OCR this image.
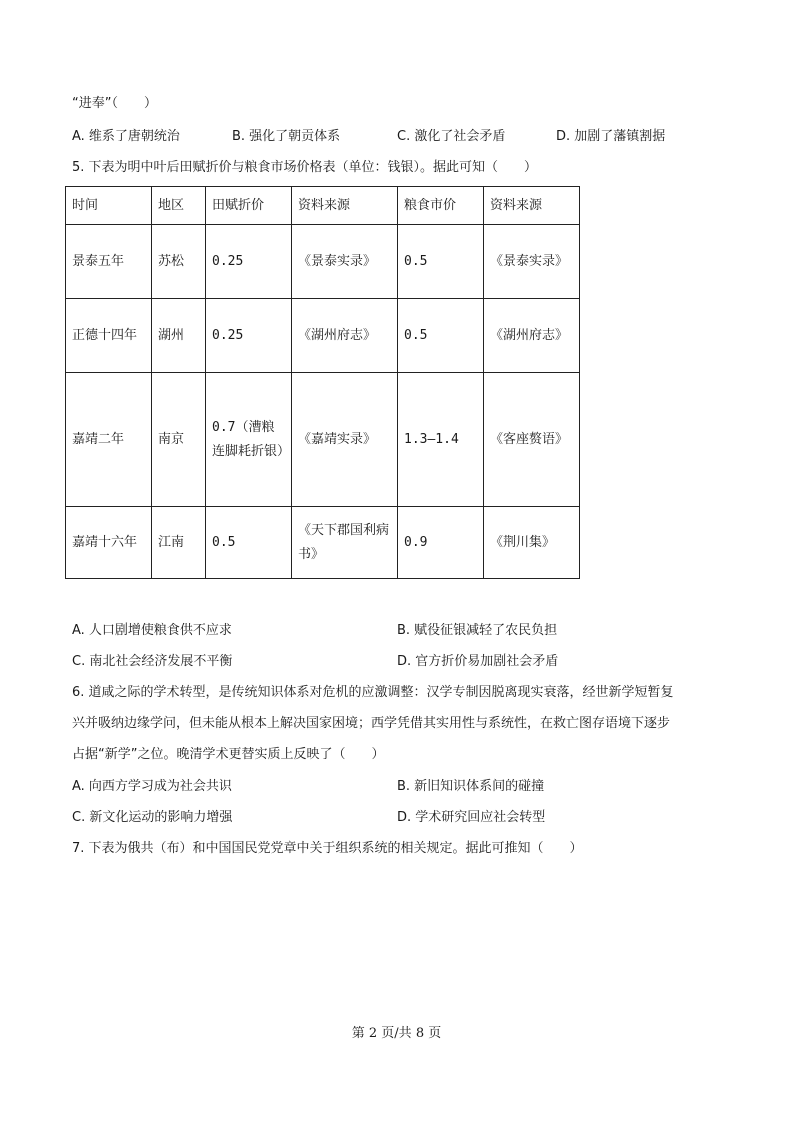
“进奉”（　　）
A. 维系了唐朝统治	B. 强化了朝贡体系	C. 激化了社会矛盾	D. 加剧了藩镇割据
5. 下表为明中叶后田赋折价与粮食市场价格表（单位：钱银）。据此可知（　　）
时间	地区	田赋折价	资料来源	粮食市价	资料来源
景泰五年	苏松	0.25	《景泰实录》	0.5	《景泰实录》
正德十四年	湖州	0.25	《湖州府志》	0.5	《湖州府志》
嘉靖二年	南京	0.7（漕粮连脚耗折银）	《嘉靖实录》	1.3—1.4	《客座赘语》
嘉靖十六年	江南	0.5	《天下郡国利病书》	0.9	《荆川集》
A. 人口剧增使粮食供不应求	B. 赋役征银减轻了农民负担
C. 南北社会经济发展不平衡	D. 官方折价易加剧社会矛盾
6. 道咸之际的学术转型，是传统知识体系对危机的应激调整：汉学专制因脱离现实衰落，经世新学短暂复
兴并吸纳边缘学问，但未能从根本上解决国家困境；西学凭借其实用性与系统性，在救亡图存语境下逐步
占据“新学”之位。晚清学术更替实质上反映了（　　）
A. 向西方学习成为社会共识	B. 新旧知识体系间的碰撞
C. 新文化运动的影响力增强	D. 学术研究回应社会转型
7. 下表为俄共（布）和中国国民党党章中关于组织系统的相关规定。据此可推知（　　）
第 2 页/共 8 页
